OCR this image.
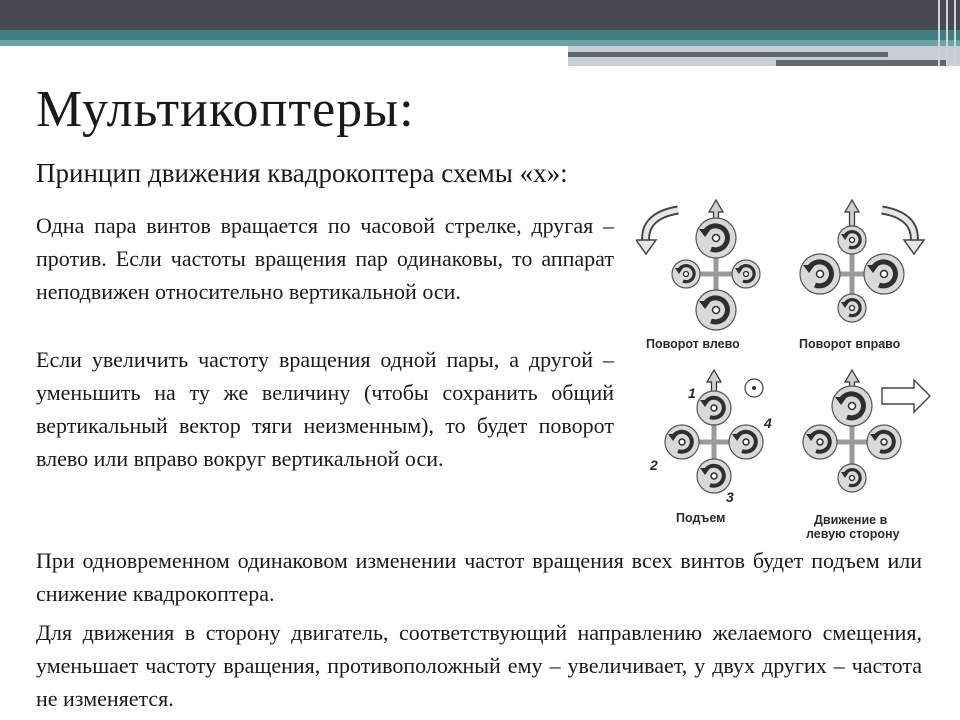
Мультикоптеры:

Принцип движения квадрокоптера схемы «х»:

Одна пара винтов вращается по часовой стрелке, другая – против. Если частоты вращения пар одинаковы, то аппарат неподвижен относительно вертикальной оси.

Если увеличить частоту вращения одной пары, а другой – уменьшить на ту же величину (чтобы сохранить общий вертикальный вектор тяги неизменным), то будет поворот влево или вправо вокруг вертикальной оси.

При одновременном одинаковом изменении частот вращения всех винтов будет подъем или снижение квадрокоптера.

Для движения в сторону двигатель, соответствующий направлению желаемого смещения, уменьшает частоту вращения, противоположный ему – увеличивает, у двух других – частота не изменяется.

Поворот влево	Поворот вправо
1
2
3
4
Подъем	Движение в
левую сторону
